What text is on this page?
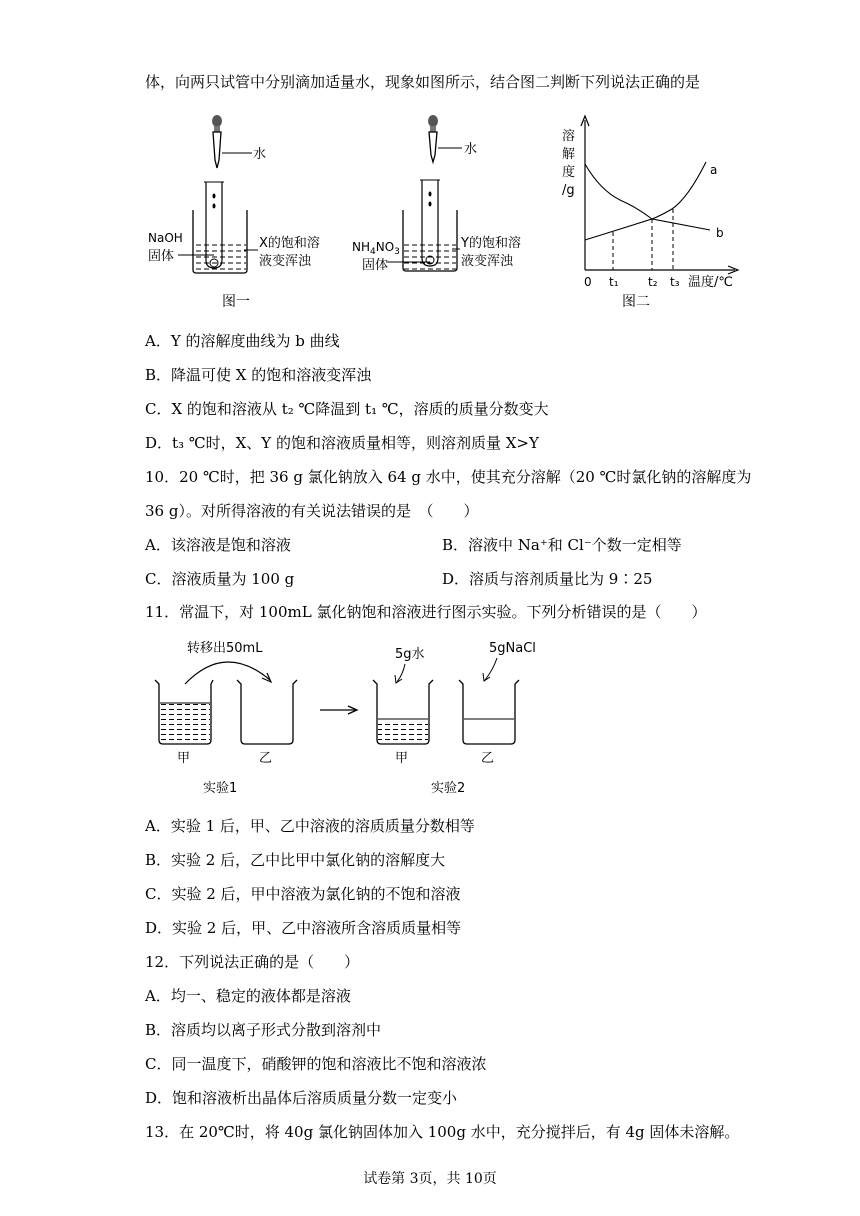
体，向两只试管中分别滴加适量水，现象如图所示，结合图二判断下列说法正确的是
水
NaOH
固体
X的饱和溶
液变浑浊
图一
水
$NH_4NO_3$
固体
Y的饱和溶
液变浑浊
溶
解
度
/g
a
b
0 t₁ t₂ t₃ 温度/℃
图二
A．Y 的溶解度曲线为 b 曲线
B．降温可使 X 的饱和溶液变浑浊
C．X 的饱和溶液从 t₂ ℃降温到 t₁ ℃，溶质的质量分数变大
D．t₃ ℃时，X、Y 的饱和溶液质量相等，则溶剂质量 X>Y
10．20 ℃时，把 36 g 氯化钠放入 64 g 水中，使其充分溶解（20 ℃时氯化钠的溶解度为
36 g）。对所得溶液的有关说法错误的是　（　　）
A．该溶液是饱和溶液	B．溶液中 Na⁺和 Cl⁻个数一定相等
C．溶液质量为 100 g	D．溶质与溶剂质量比为 9∶25
11．常温下，对 100mL 氯化钠饱和溶液进行图示实验。下列分析错误的是（　　）
转移出50mL
甲	乙
实验1
5g水	5gNaCl
甲	乙
实验2
A．实验 1 后，甲、乙中溶液的溶质质量分数相等
B．实验 2 后，乙中比甲中氯化钠的溶解度大
C．实验 2 后，甲中溶液为氯化钠的不饱和溶液
D．实验 2 后，甲、乙中溶液所含溶质质量相等
12．下列说法正确的是（　　）
A．均一、稳定的液体都是溶液
B．溶质均以离子形式分散到溶剂中
C．同一温度下，硝酸钾的饱和溶液比不饱和溶液浓
D．饱和溶液析出晶体后溶质质量分数一定变小
13．在 20℃时，将 40g 氯化钠固体加入 100g 水中，充分搅拌后，有 4g 固体未溶解。
试卷第 3页，共 10页
